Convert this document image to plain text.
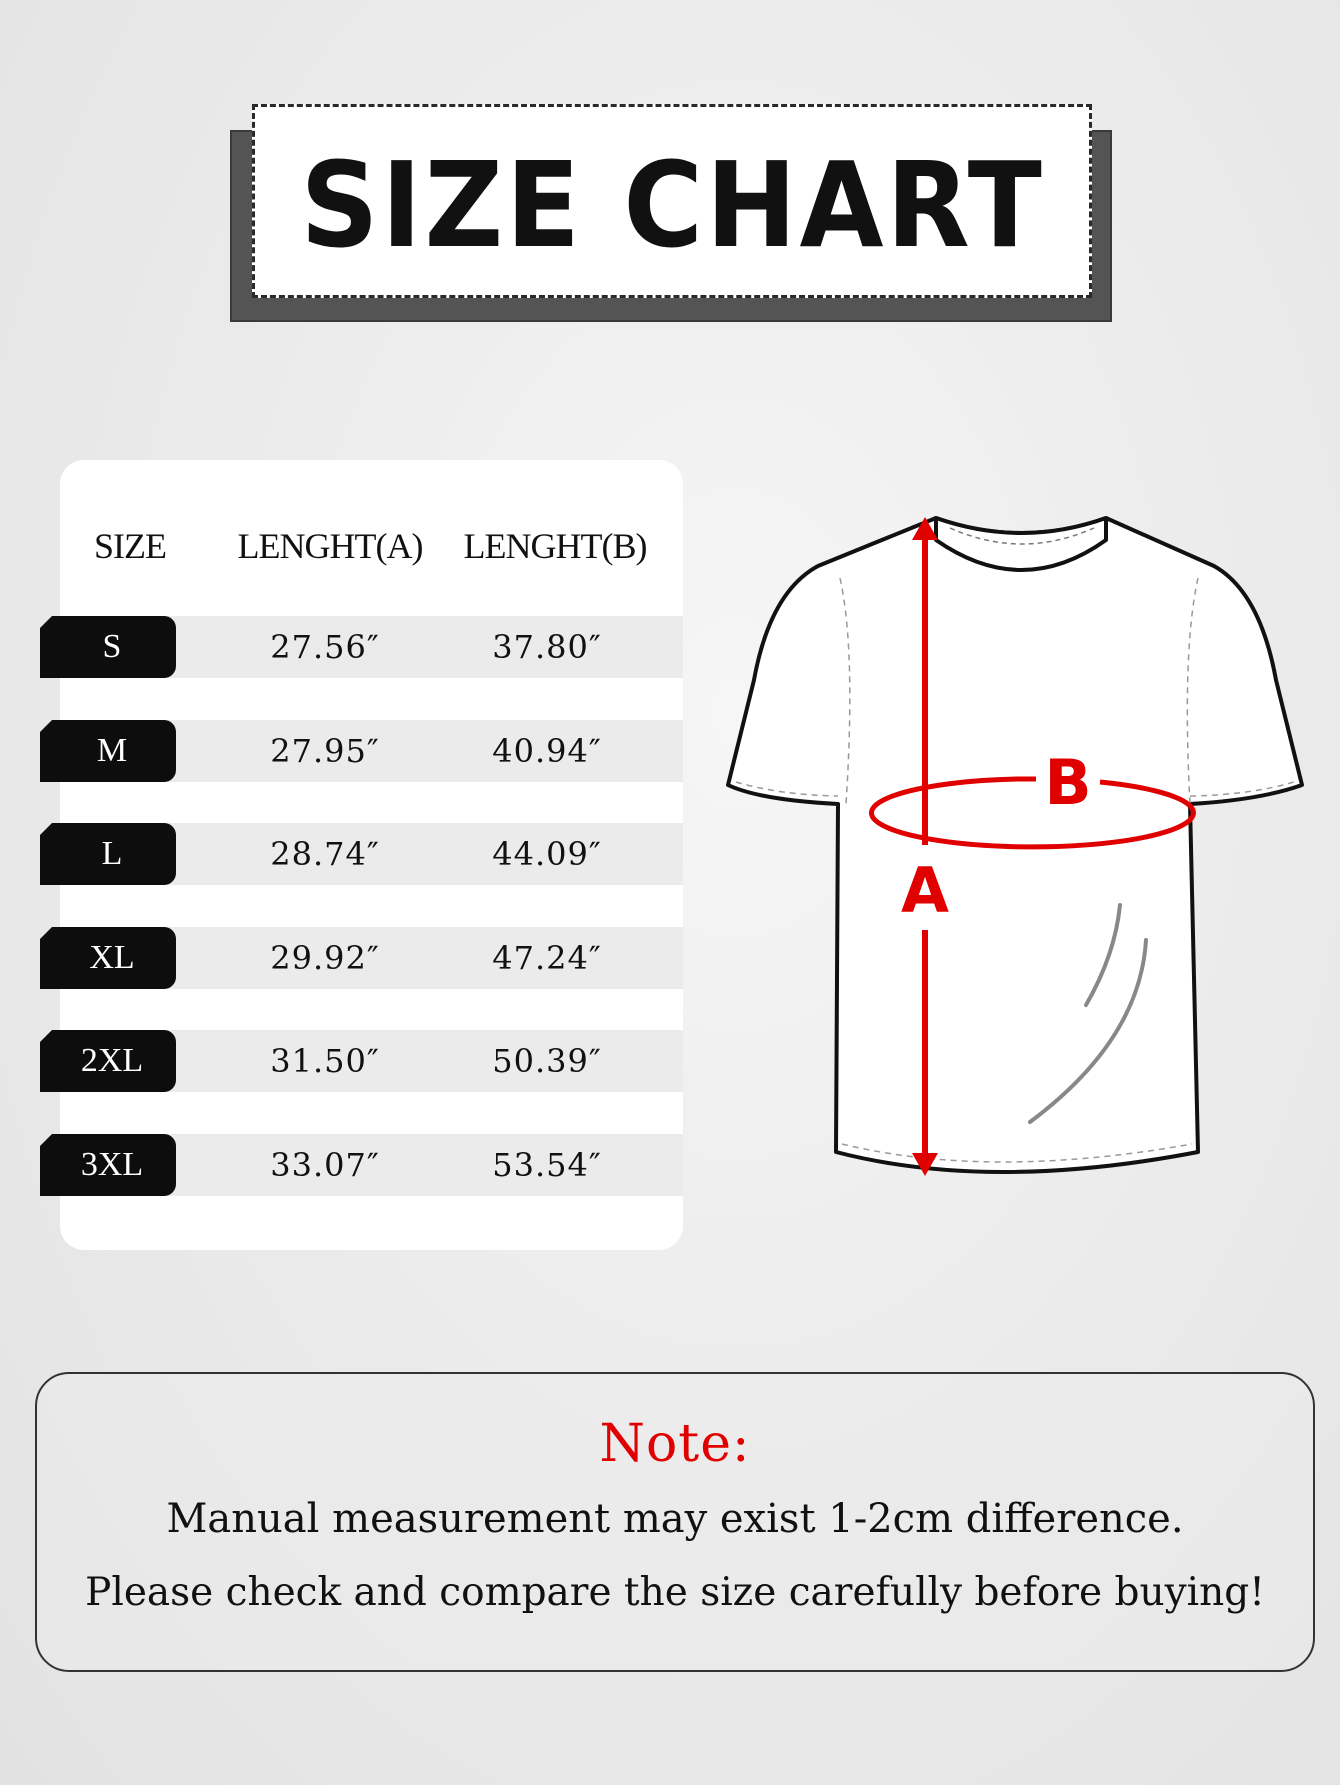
SIZE CHART
SIZE LENGHT(A) LENGHT(B)
S	27.56″	37.80″
M	27.95″	40.94″
L	28.74″	44.09″
XL	29.92″	47.24″
2XL	31.50″	50.39″
3XL	33.07″	53.54″
A
B
Note:
Manual measurement may exist 1-2cm difference.
Please check and compare the size carefully before buying!
